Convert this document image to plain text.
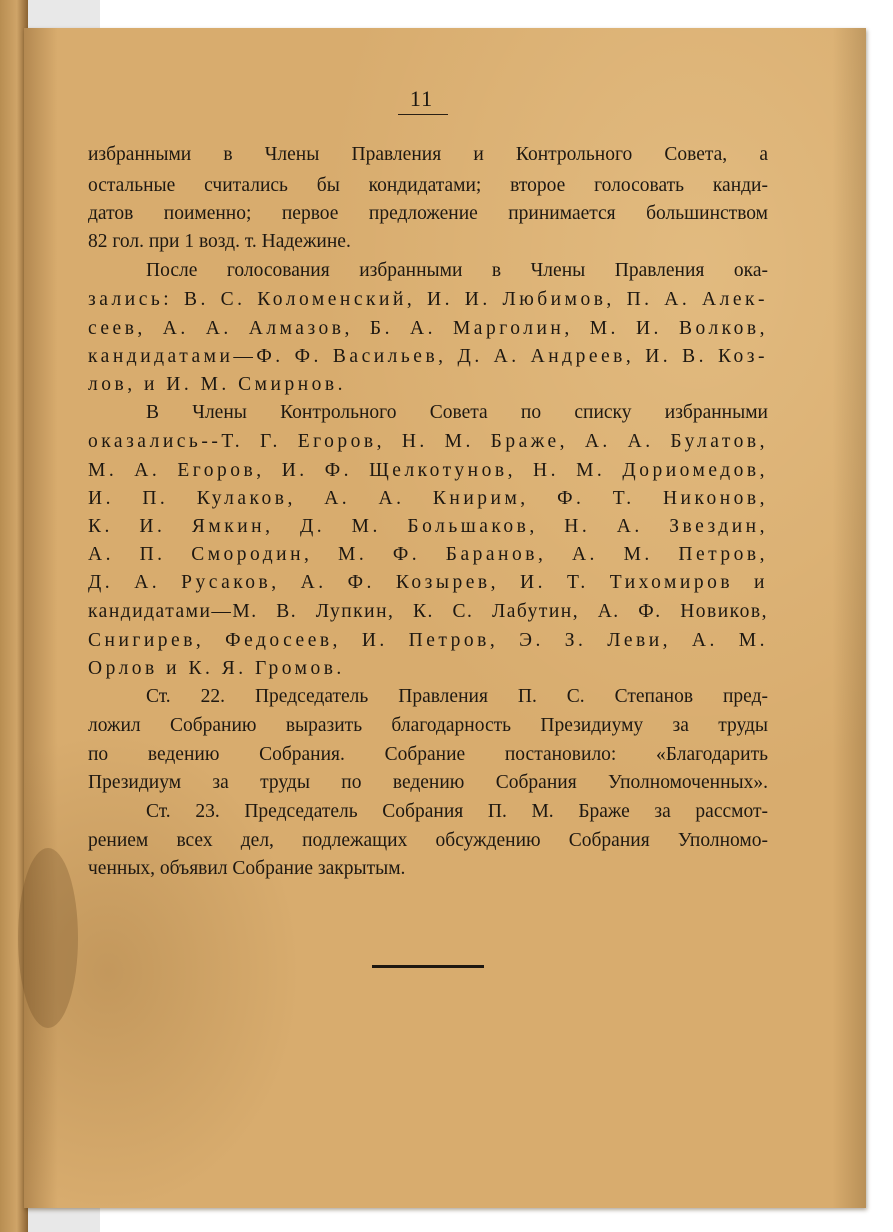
11
избранными в Члены Правления и Контрольного Совета, а
остальные считались бы кондидатами; второе голосовать канди-
датов поименно; первое предложение принимается большинством
82 гол. при 1 возд. т. Надежине.
После голосования избранными в Члены Правления ока-
зались: В. С. Коломенский, И. И. Любимов, П. А. Алек-
сеев, А. А. Алмазов, Б. А. Марголин, М. И. Волков,
кандидатами—Ф. Ф. Васильев, Д. А. Андреев, И. В. Коз-
лов, и И. М. Смирнов.
В Члены Контрольного Совета по списку избранными
оказались--Т. Г. Егоров, Н. М. Браже, А. А. Булатов,
М. А. Егоров, И. Ф. Щелкотунов, Н. М. Дориомедов,
И. П. Кулаков, А. А. Книрим, Ф. Т. Никонов,
К. И. Ямкин, Д. М. Большаков, Н. А. Звездин,
А. П. Смородин, М. Ф. Баранов, А. М. Петров,
Д. А. Русаков, А. Ф. Козырев, И. Т. Тихомиров и
кандидатами—М. В. Лупкин, К. С. Лабутин, А. Ф. Новиков,
Снигирев, Федосеев, И. Петров, Э. З. Леви, А. М.
Орлов и К. Я. Громов.
Ст. 22. Председатель Правления П. С. Степанов пред-
ложил Собранию выразить благодарность Президиуму за труды
по ведению Собрания. Собрание постановило: «Благодарить
Президиум за труды по ведению Собрания Уполномоченных».
Ст. 23. Председатель Собрания П. М. Браже за рассмот-
рением всех дел, подлежащих обсуждению Собрания Уполномо-
ченных, объявил Собрание закрытым.
